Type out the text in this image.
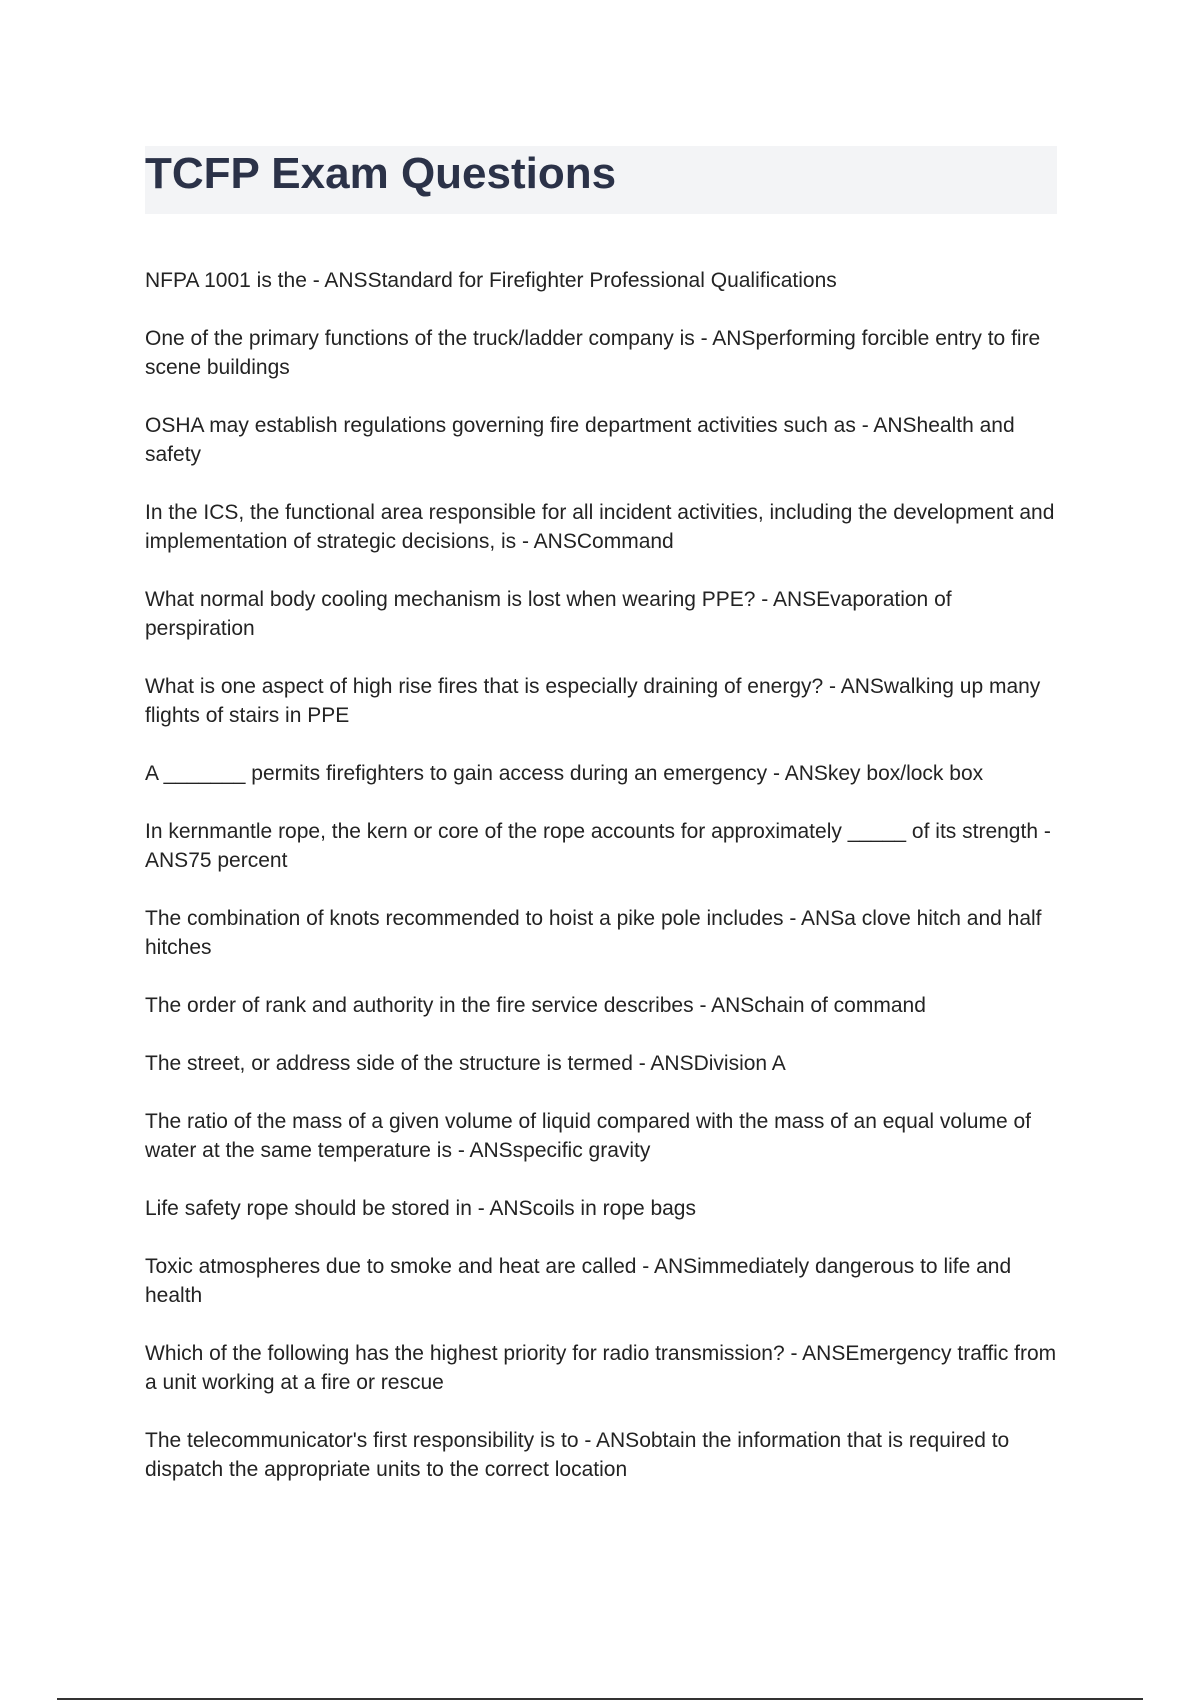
TCFP Exam Questions
NFPA 1001 is the - ANS	Standard for Firefighter Professional Qualifications
One of the primary functions of the truck/ladder company is - ANS	performing forcible entry to fire scene buildings
OSHA may establish regulations governing fire department activities such as - ANS	health and safety
In the ICS, the functional area responsible for all incident activities, including the development and implementation of strategic decisions, is - ANS	Command
What normal body cooling mechanism is lost when wearing PPE? - ANS	Evaporation of perspiration
What is one aspect of high rise fires that is especially draining of energy? - ANS	walking up many flights of stairs in PPE
A _______ permits firefighters to gain access during an emergency - ANS	key box/lock box
In kernmantle rope, the kern or core of the rope accounts for approximately _____ of its strength - ANS75 percent
The combination of knots recommended to hoist a pike pole includes - ANS	a clove hitch and half hitches
The order of rank and authority in the fire service describes - ANS	chain of command
The street, or address side of the structure is termed - ANS	Division A
The ratio of the mass of a given volume of liquid compared with the mass of an equal volume of water at the same temperature is - ANS	specific gravity
Life safety rope should be stored in - ANS	coils in rope bags
Toxic atmospheres due to smoke and heat are called - ANS	immediately dangerous to life and health
Which of the following has the highest priority for radio transmission? - ANS	Emergency traffic from a unit working at a fire or rescue
The telecommunicator's first responsibility is to - ANS	obtain the information that is required to dispatch the appropriate units to the correct location
